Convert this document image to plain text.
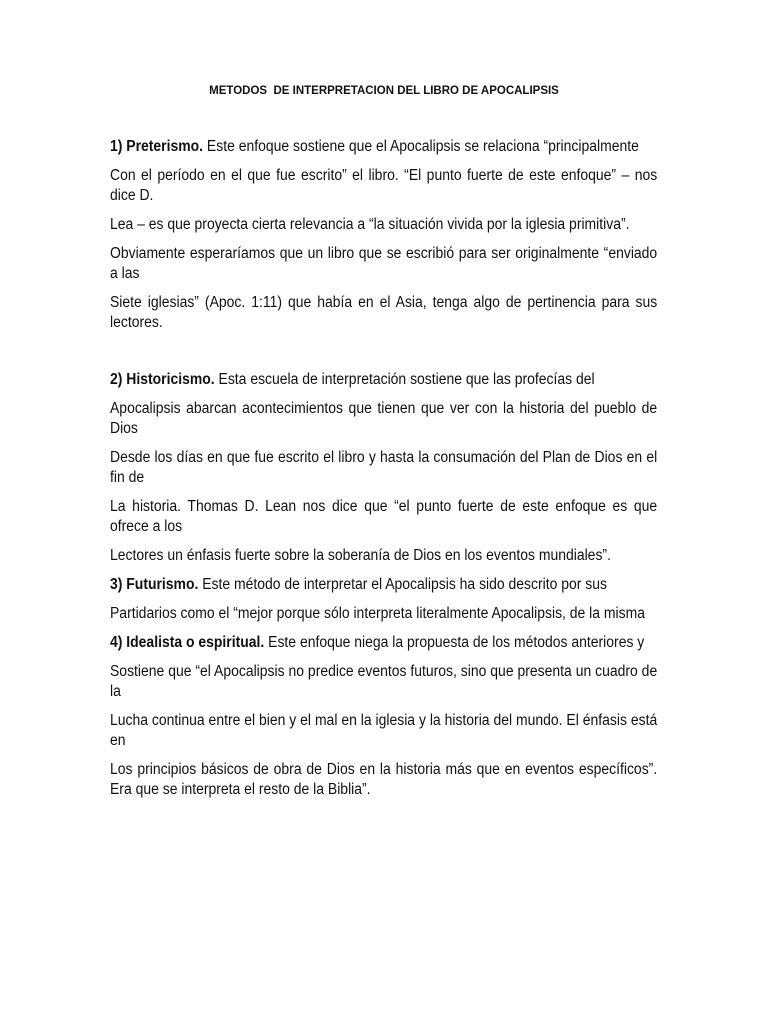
METODOS  DE INTERPRETACION DEL LIBRO DE APOCALIPSIS

1) Preterismo. Este enfoque sostiene que el Apocalipsis se relaciona “principalmente

Con el período en el que fue escrito” el libro. “El punto fuerte de este enfoque” – nos dice D.

Lea – es que proyecta cierta relevancia a “la situación vivida por la iglesia primitiva”.

Obviamente esperaríamos que un libro que se escribió para ser originalmente “enviado a las

Siete iglesias” (Apoc. 1:11) que había en el Asia, tenga algo de pertinencia para sus lectores.

2) Historicismo. Esta escuela de interpretación sostiene que las profecías del

Apocalipsis abarcan acontecimientos que tienen que ver con la historia del pueblo de Dios

Desde los días en que fue escrito el libro y hasta la consumación del Plan de Dios en el fin de

La historia. Thomas D. Lean nos dice que “el punto fuerte de este enfoque es que ofrece a los

Lectores un énfasis fuerte sobre la soberanía de Dios en los eventos mundiales”.

3) Futurismo. Este método de interpretar el Apocalipsis ha sido descrito por sus

Partidarios como el “mejor porque sólo interpreta literalmente Apocalipsis, de la misma

4) Idealista o espiritual. Este enfoque niega la propuesta de los métodos anteriores y

Sostiene que “el Apocalipsis no predice eventos futuros, sino que presenta un cuadro de la

Lucha continua entre el bien y el mal en la iglesia y la historia del mundo. El énfasis está en

Los principios básicos de obra de Dios en la historia más que en eventos específicos”. Era que se interpreta el resto de la Biblia”.
